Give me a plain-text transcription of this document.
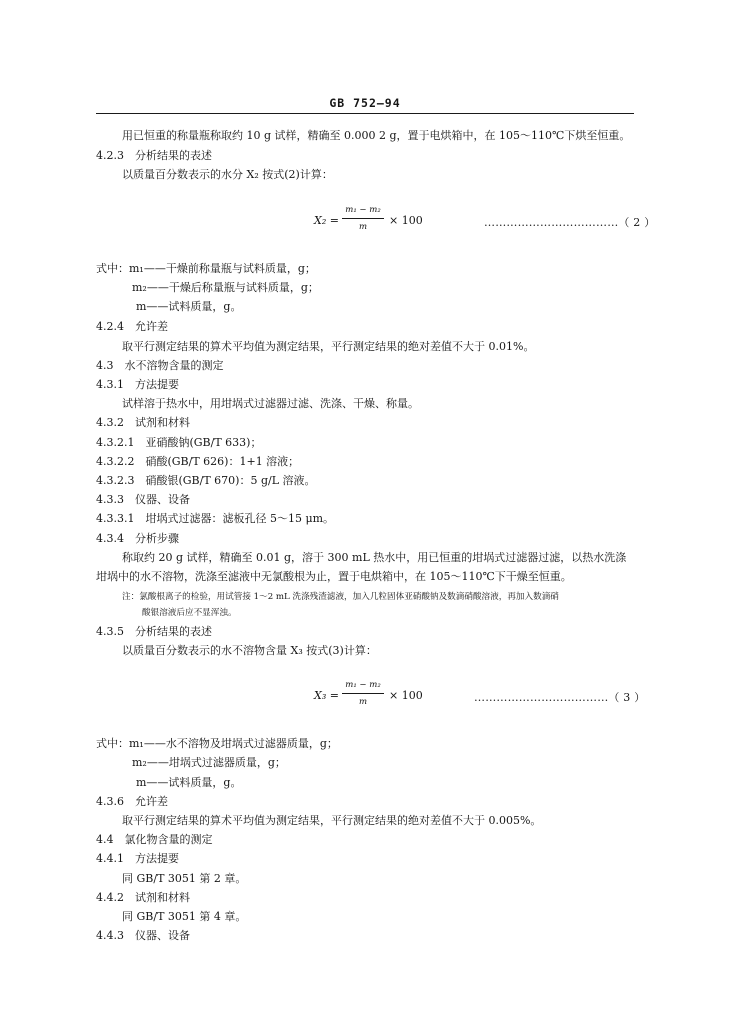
GB 752—94
用已恒重的称量瓶称取约 10 g 试样，精确至 0.000 2 g，置于电烘箱中，在 105～110℃下烘至恒重。
4.2.3　分析结果的表述
以质量百分数表示的水分 X₂ 按式(2)计算：
X₂ =
m₁ − m₂
m	× 100	………………………………（ 2 ）
式中：m₁——干燥前称量瓶与试料质量，g；
m₂——干燥后称量瓶与试料质量，g；
m——试料质量，g。
4.2.4　允许差
取平行测定结果的算术平均值为测定结果，平行测定结果的绝对差值不大于 0.01%。
4.3　水不溶物含量的测定
4.3.1　方法提要
试样溶于热水中，用坩埚式过滤器过滤、洗涤、干燥、称量。
4.3.2　试剂和材料
4.3.2.1　亚硝酸钠(GB/T 633)；
4.3.2.2　硝酸(GB/T 626)：1+1 溶液；
4.3.2.3　硝酸银(GB/T 670)：5 g/L 溶液。
4.3.3　仪器、设备
4.3.3.1　坩埚式过滤器：滤板孔径 5～15 μm。
4.3.4　分析步骤
称取约 20 g 试样，精确至 0.01 g，溶于 300 mL 热水中，用已恒重的坩埚式过滤器过滤，以热水洗涤
坩埚中的水不溶物，洗涤至滤液中无氯酸根为止，置于电烘箱中，在 105～110℃下干燥至恒重。
注：氯酸根离子的检验，用试管接 1～2 mL 洗涤残渣滤液，加入几粒固体亚硝酸钠及数滴硝酸溶液，再加入数滴硝
酸银溶液后应不显浑浊。
4.3.5　分析结果的表述
以质量百分数表示的水不溶物含量 X₃ 按式(3)计算：
X₃ =
m₁ − m₂
m	× 100	………………………………（ 3 ）
式中：m₁——水不溶物及坩埚式过滤器质量，g；
m₂——坩埚式过滤器质量，g；
m——试料质量，g。
4.3.6　允许差
取平行测定结果的算术平均值为测定结果，平行测定结果的绝对差值不大于 0.005%。
4.4　氯化物含量的测定
4.4.1　方法提要
同 GB/T 3051 第 2 章。
4.4.2　试剂和材料
同 GB/T 3051 第 4 章。
4.4.3　仪器、设备
